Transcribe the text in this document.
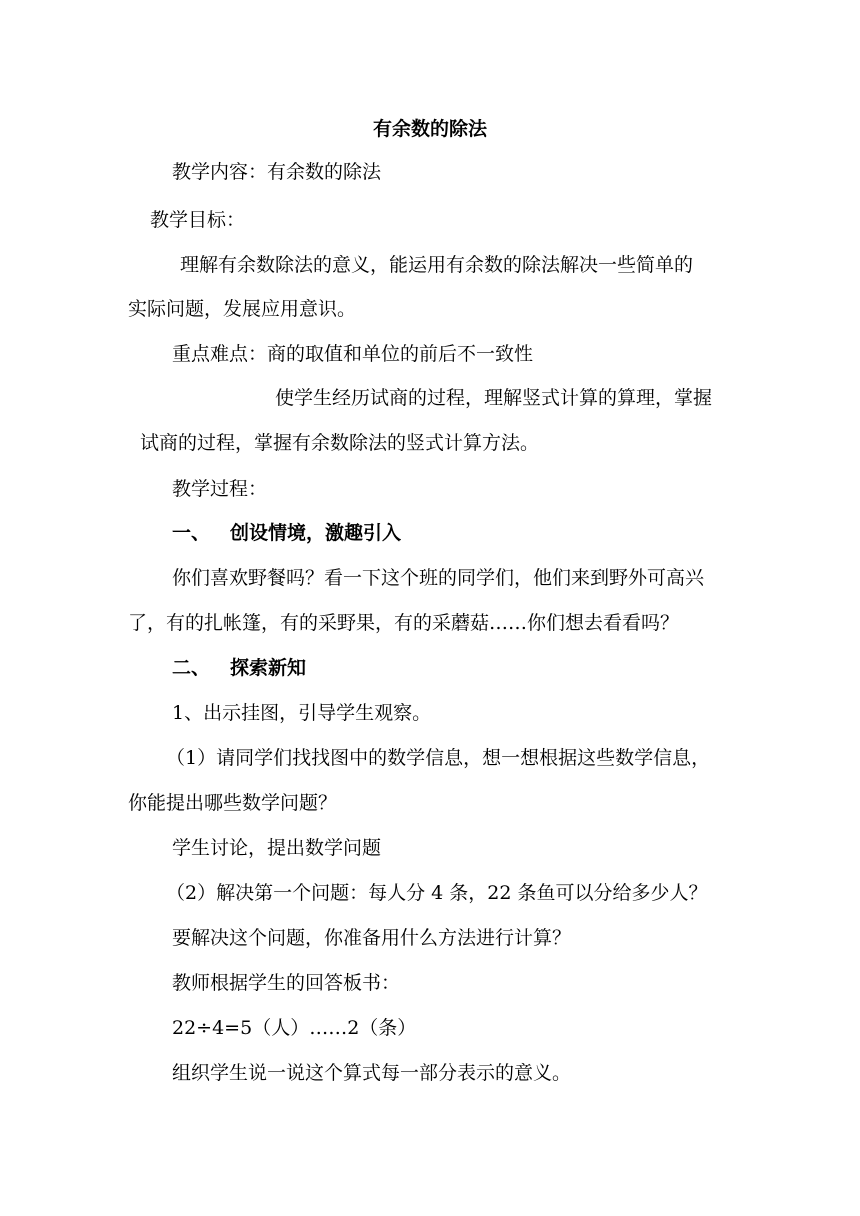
有余数的除法
教学内容：有余数的除法
教学目标：
理解有余数除法的意义，能运用有余数的除法解决一些简单的
实际问题，发展应用意识。
重点难点：商的取值和单位的前后不一致性
使学生经历试商的过程，理解竖式计算的算理，掌握
试商的过程，掌握有余数除法的竖式计算方法。
教学过程：
一、 创设情境，激趣引入
你们喜欢野餐吗？看一下这个班的同学们，他们来到野外可高兴
了，有的扎帐篷，有的采野果，有的采蘑菇……你们想去看看吗？
二、 探索新知
1、出示挂图，引导学生观察。
（1）请同学们找找图中的数学信息，想一想根据这些数学信息，
你能提出哪些数学问题？
学生讨论，提出数学问题
（2）解决第一个问题：每人分 4 条，22 条鱼可以分给多少人？
要解决这个问题，你准备用什么方法进行计算？
教师根据学生的回答板书：
22÷4=5（人）……2（条）
组织学生说一说这个算式每一部分表示的意义。
